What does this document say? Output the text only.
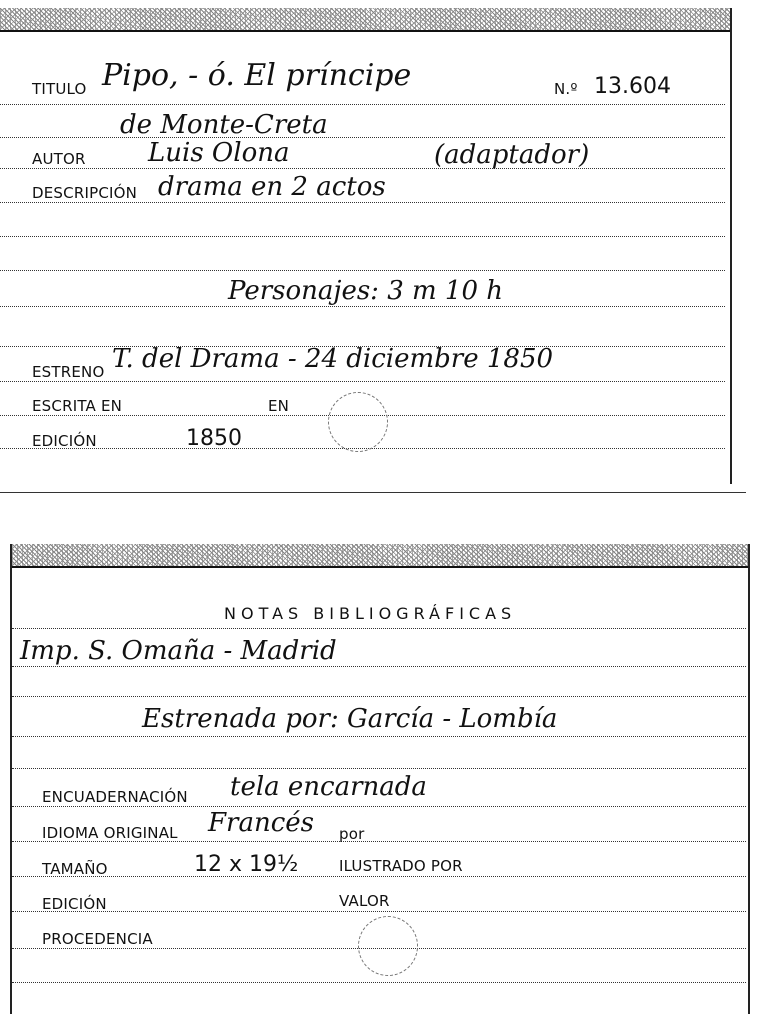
TITULO Pipo, - ó. El príncipe	N.º 13.604
de Monte-Creta
AUTOR Luis Olona	(adaptador)
DESCRIPCIÓN drama en 2 actos
Personajes: 3 m 10 h
ESTRENO T. del Drama - 24 diciembre 1850
ESCRITA EN	EN
EDICIÓN	1850
NOTAS BIBLIOGRÁFICAS
Imp. S. Omaña - Madrid
Estrenada por: García - Lombía
ENCUADERNACIÓN tela encarnada
IDIOMA ORIGINAL Francés por
TAMAÑO	12 x 19½	ILUSTRADO POR
EDICIÓN	VALOR
PROCEDENCIA
